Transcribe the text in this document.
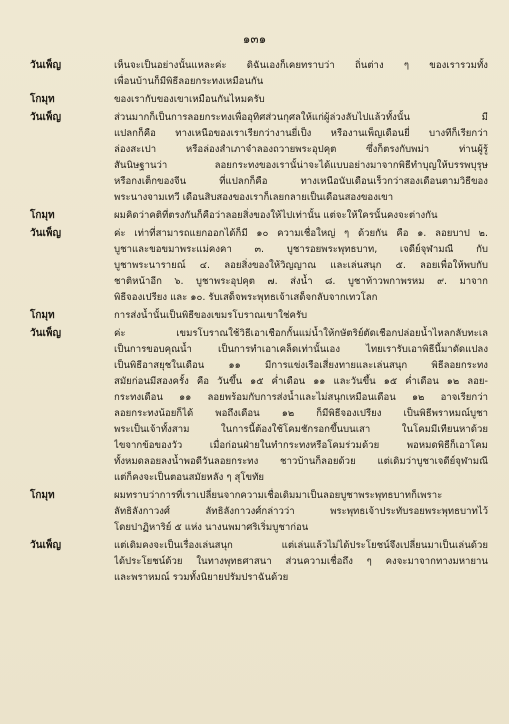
๑๓๑
วันเพ็ญ	เห็นจะเป็นอย่างนั้นแหละค่ะ ดิฉันเองก็เคยทราบว่า ถิ่นต่าง ๆ ของเรารวมทั้ง
เพื่อนบ้านก็มีพิธีลอยกระทงเหมือนกัน
โกมุท	ของเรากับของเขาเหมือนกันไหมครับ
วันเพ็ญ	ส่วนมากก็เป็นการลอยกระทงเพื่ออุทิศส่วนกุศลให้แก่ผู้ล่วงลับไปแล้วทั้งนั้น มี
แปลกก็คือ ทางเหนือของเราเรียกว่างานยี่เป็ง หรืองานเพ็ญเดือนยี่ บางทีก็เรียกว่า
ล่องสะเปา หรือล่องสำเภาจำลองถวายพระอุปคุต ซึ่งก็ตรงกับพม่า ท่านผู้รู้
สันนิษฐานว่า ลอยกระทงของเรานั้น่าจะได้แบบอย่างมาจากพิธีทำบุญให้บรรพบุรุษ
หรือกงเต็กของจีน ที่แปลกก็คือ ทางเหนือนับเดือนเร็วกว่าสองเดือนตามวิธีของ
พระนางจามเทวี เดือนสิบสองของเราก็เลยกลายเป็นเดือนสองของเขา
โกมุท	ผมคิดว่าคติที่ตรงกันก็คือว่าลอยสิ่งของให้ไปเท่านั้น แต่จะให้ใครนั้นคงจะต่างกัน
วันเพ็ญ	ค่ะ เท่าที่สามารถแยกออกได้ก็มี ๑๐ ความเชื่อใหญ่ ๆ ด้วยกัน คือ ๑. ลอยบาป ๒.
บูชาและขอขมาพระแม่คงคา ๓. บูชารอยพระพุทธบาท, เจดีย์จุฬามณี กับ
บูชาพระนารายณ์ ๔. ลอยสิ่งของให้วิญญาณ และเล่นสนุก ๕. ลอยเพื่อให้พบกับ
ชาติหน้าอีก ๖. บูชาพระอุปคุต ๗. ส่งน้ำ ๘. บูชาท้าวพกาพรหม ๙. มาจาก
พิธีจองเปรียง และ ๑๐. รับเสด็จพระพุทธเจ้าเสด็จกลับจากเทวโลก
โกมุท	การส่งน้ำนั้นเป็นพิธีของเขมรโบราณเขาใช่ครับ
วันเพ็ญ	ค่ะ เขมรโบราณใช้วิธีเอาเชือกกั้นแม่น้ำให้กษัตริย์ตัดเชือกปล่อยน้ำไหลกลับทะเล
เป็นการขอบคุณน้ำ เป็นการทำเอาเคล็ดเท่านั้นเอง ไทยเรารับเอาพิธีนี้มาดัดแปลง
เป็นพิธีอาสยุชในเดือน ๑๑ มีการแข่งเรือเสี่ยงทายและเล่นสนุก พิธีลอยกระทง
สมัยก่อนมีสองครั้ง คือ วันขึ้น ๑๕ ค่ำเดือน ๑๑ และวันขึ้น ๑๕ ค่ำเดือน ๑๒ ลอย-
กระทงเดือน ๑๑ ลอยพร้อมกับการส่งน้ำและไม่สนุกเหมือนเดือน ๑๒ อาจเรียกว่า
ลอยกระทงน้อยก็ได้ พอถึงเดือน ๑๒ ก็มีพิธีจองเปรียง เป็นพิธีพราหมณ์บูชา
พระเป็นเจ้าทั้งสาม ในการนี้ต้องใช้โคมชักรอกขึ้นบนเสา ในโคมมีเทียนหาด้วย
ไขจากข้อของวัว เมื่อก่อนฝ่ายในทำกระทงหรือโคมร่วมด้วย พอหมดพิธีก็เอาโคม
ทั้งหมดลอยลงน้ำพอดีวันลอยกระทง ชาวบ้านก็ลอยด้วย แต่เดิมว่าบูชาเจดีย์จุฬามณี
แต่ก็คงจะเป็นตอนสมัยหลัง ๆ สุโขทัย
โกมุท	ผมทราบว่าการที่เราเปลี่ยนจากความเชื่อเดิมมาเป็นลอยบูชาพระพุทธบาทก็เพราะ
ลัทธิลังกาวงศ์ ลัทธิลังกาวงศ์กล่าวว่า พระพุทธเจ้าประทับรอยพระพุทธบาทไว้
โดยปาฏิหาริย์ ๕ แห่ง นางนพมาศริเริ่มบูชาก่อน
วันเพ็ญ	แต่เดิมคงจะเป็นเรื่องเล่นสนุก แต่เล่นแล้วไม่ได้ประโยชน์จึงเปลี่ยนมาเป็นเล่นด้วย
ได้ประโยชน์ด้วย ในทางพุทธศาสนา ส่วนความเชื่อถึง ๆ คงจะมาจากทางมหายาน
และพราหมณ์ รวมทั้งนิยายปรัมปราฉันด้วย
